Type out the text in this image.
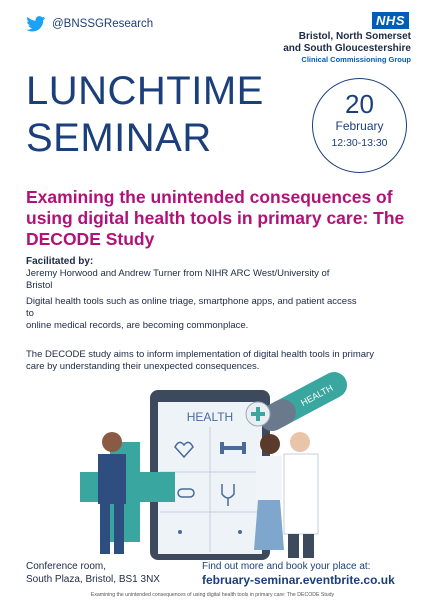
@BNSSGResearch	NHS
Bristol, North Somerset
and South Gloucestershire
Clinical Commissioning Group
LUNCHTIME
SEMINAR
20
February
12:30-13:30
Examining the unintended consequences of using digital health tools in primary care: The DECODE Study
Facilitated by:
Jeremy Horwood and Andrew Turner from NIHR ARC West/University of Bristol
Digital health tools such as online triage, smartphone apps, and patient access to
online medical records, are becoming commonplace.
The DECODE study aims to inform implementation of digital health tools in primary care by understanding their unexpected consequences.
HEALTH
HEALTH
Conference room,
South Plaza, Bristol, BS1 3NX
Find out more and book your place at:
february-seminar.eventbrite.co.uk
Examining the unintended consequences of using digital health tools in primary care: The DECODE Study
